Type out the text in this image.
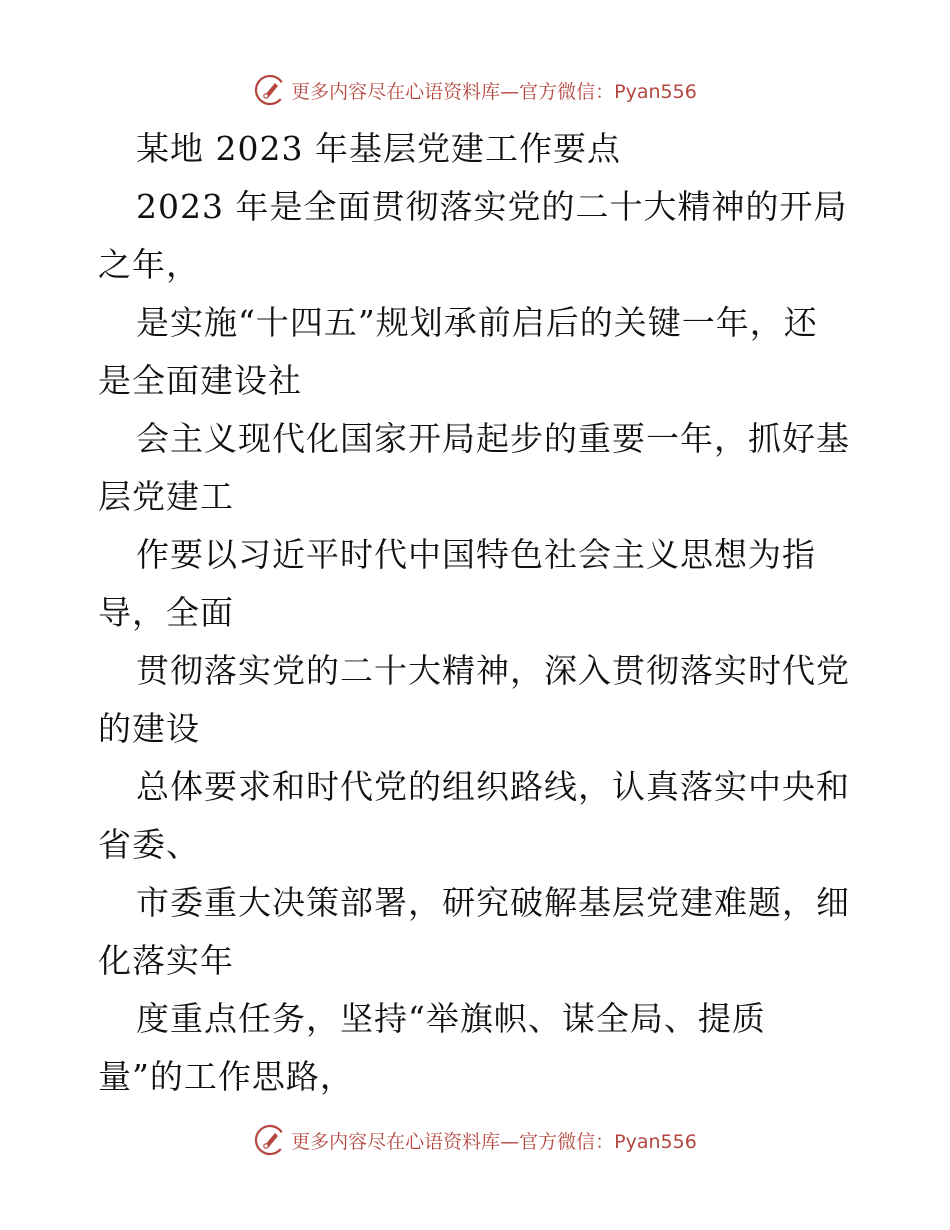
更多内容尽在心语资料库—官方微信：Pyan556
某地 2023 年基层党建工作要点
2023 年是全面贯彻落实党的二十大精神的开局
之年，
是实施“十四五”规划承前启后的关键一年，还
是全面建设社
会主义现代化国家开局起步的重要一年，抓好基
层党建工
作要以习近平时代中国特色社会主义思想为指
导，全面
贯彻落实党的二十大精神，深入贯彻落实时代党
的建设
总体要求和时代党的组织路线，认真落实中央和
省委、
市委重大决策部署，研究破解基层党建难题，细
化落实年
度重点任务，坚持“举旗帜、谋全局、提质
量”的工作思路，
更多内容尽在心语资料库—官方微信：Pyan556
